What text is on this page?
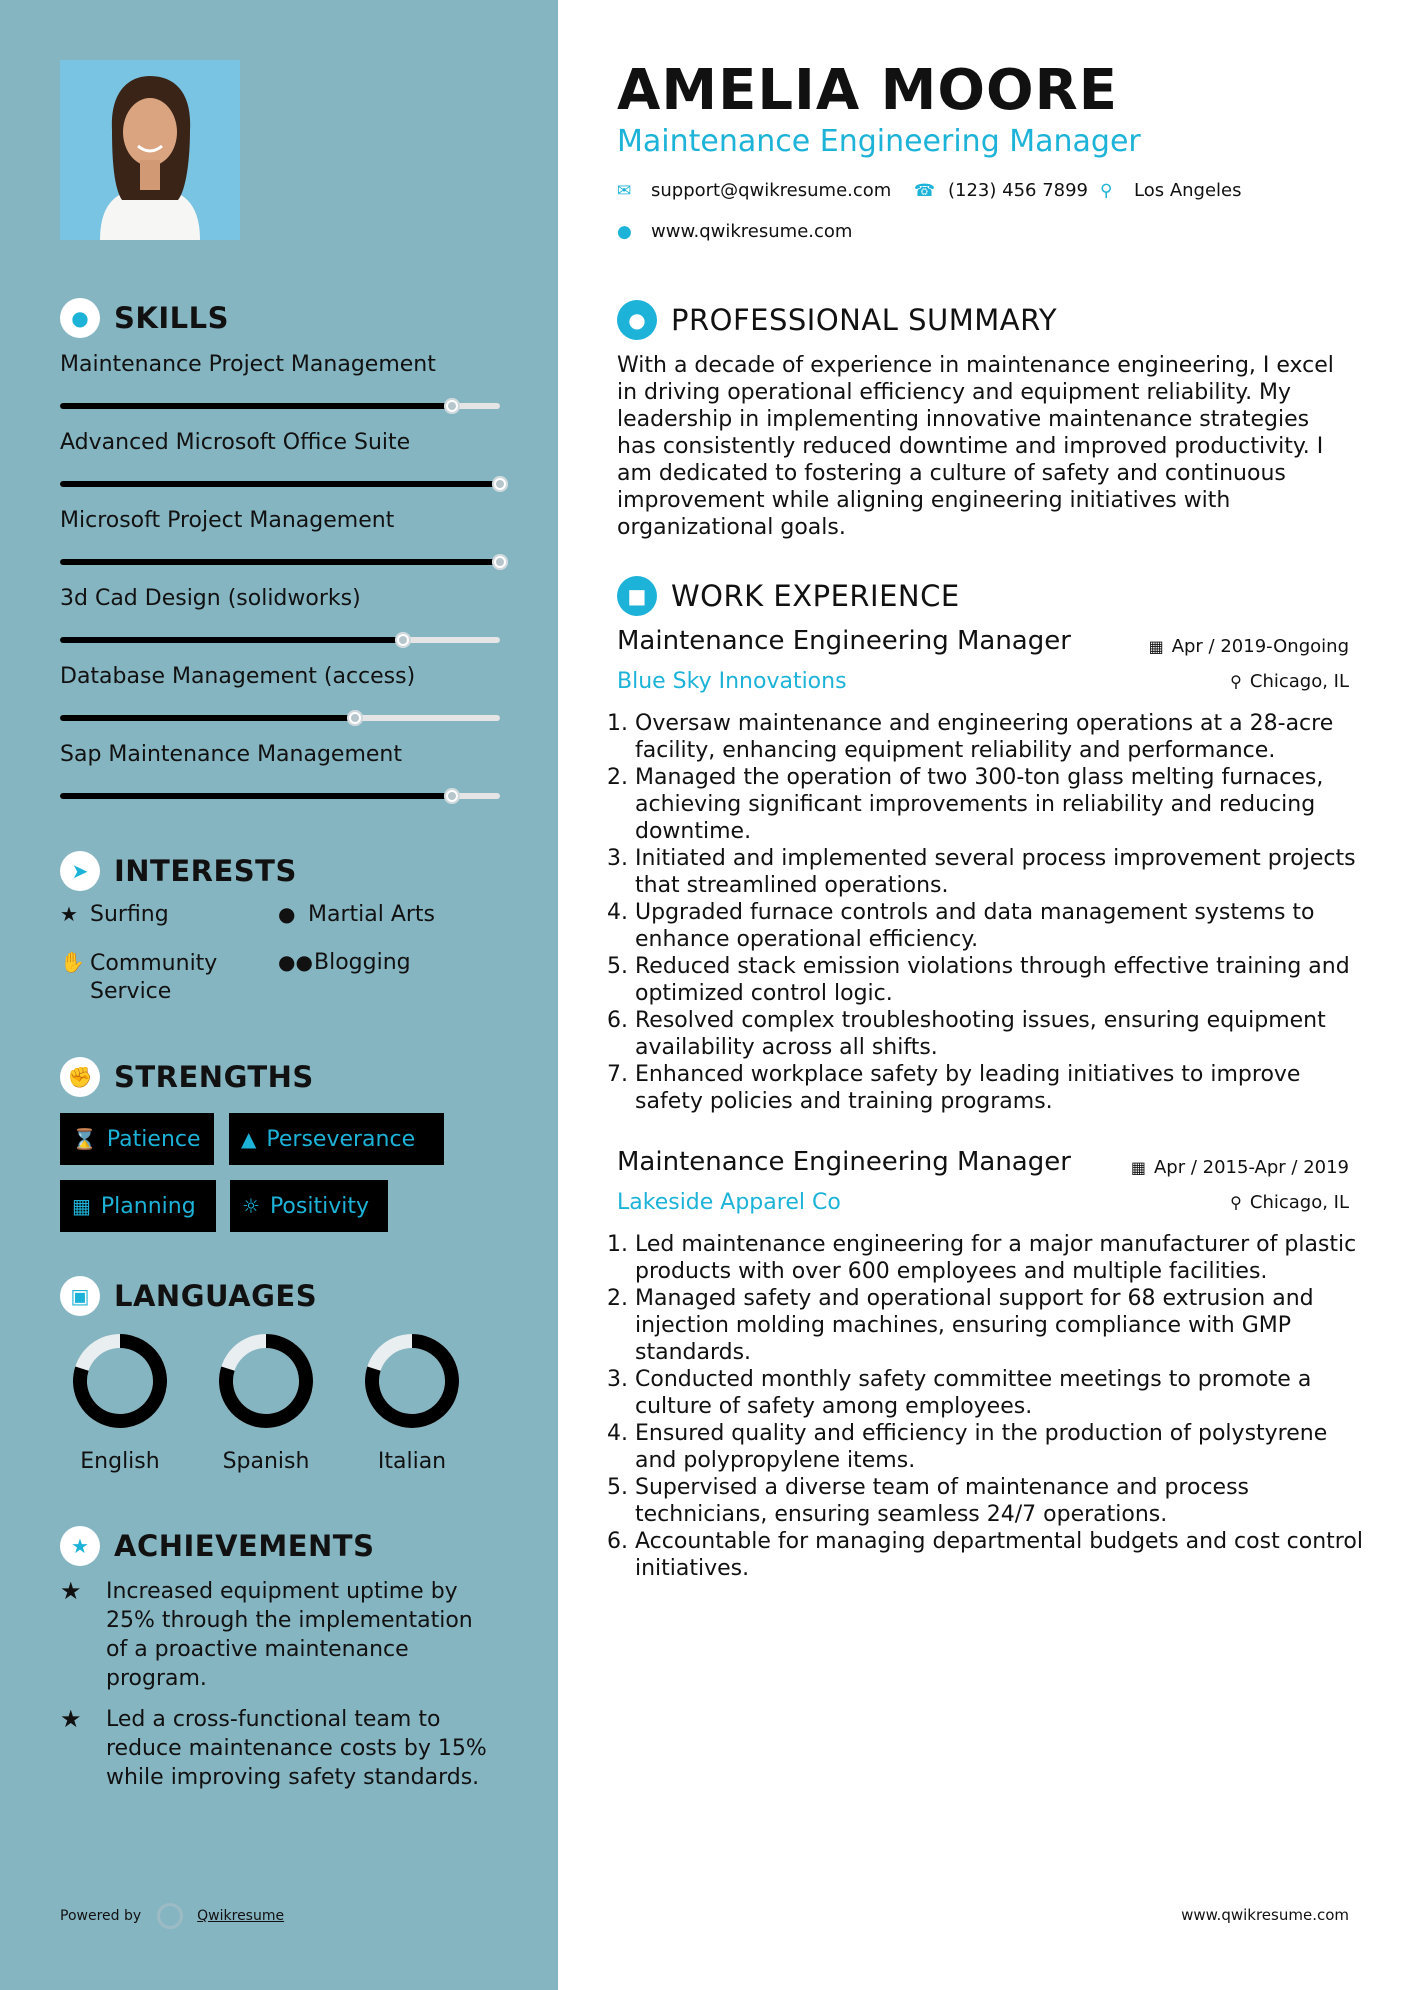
● SKILLS
Maintenance Project Management
Advanced Microsoft Office Suite
Microsoft Project Management
3d Cad Design (solidworks)
Database Management (access)
Sap Maintenance Management
➤ INTERESTS
★ Surfing	● Martial Arts
✋ Community Service
●● Blogging
✊ STRENGTHS
⌛ Patience ▲ Perseverance
▦ Planning ☼ Positivity
▣ LANGUAGES
English	Spanish	Italian
★ ACHIEVEMENTS
★	Increased equipment uptime by 25% through the implementation of a proactive maintenance program.
★	Led a cross-functional team to reduce maintenance costs by 15% while improving safety standards.
Powered by	Qwikresume
AMELIA MOORE
Maintenance Engineering Manager
✉	support@qwikresume.com ☎ (123) 456 7899 ⚲	Los Angeles
●	www.qwikresume.com
● PROFESSIONAL SUMMARY
With a decade of experience in maintenance engineering, I excel in driving operational efficiency and equipment reliability. My leadership in implementing innovative maintenance strategies has consistently reduced downtime and improved productivity. I am dedicated to fostering a culture of safety and continuous improvement while aligning engineering initiatives with organizational goals.
■ WORK EXPERIENCE
Maintenance Engineering Manager	▦ Apr / 2019-Ongoing
Blue Sky Innovations	⚲ Chicago, IL
1. Oversaw maintenance and engineering operations at a 28-acre facility, enhancing equipment reliability and performance.
2. Managed the operation of two 300-ton glass melting furnaces, achieving significant improvements in reliability and reducing downtime.
3. Initiated and implemented several process improvement projects that streamlined operations.
4. Upgraded furnace controls and data management systems to enhance operational efficiency.
5. Reduced stack emission violations through effective training and optimized control logic.
6. Resolved complex troubleshooting issues, ensuring equipment availability across all shifts.
7. Enhanced workplace safety by leading initiatives to improve safety policies and training programs.
Maintenance Engineering Manager	▦ Apr / 2015-Apr / 2019
Lakeside Apparel Co	⚲ Chicago, IL
1. Led maintenance engineering for a major manufacturer of plastic products with over 600 employees and multiple facilities.
2. Managed safety and operational support for 68 extrusion and injection molding machines, ensuring compliance with GMP standards.
3. Conducted monthly safety committee meetings to promote a culture of safety among employees.
4. Ensured quality and efficiency in the production of polystyrene and polypropylene items.
5. Supervised a diverse team of maintenance and process technicians, ensuring seamless 24/7 operations.
6. Accountable for managing departmental budgets and cost control initiatives.
www.qwikresume.com
